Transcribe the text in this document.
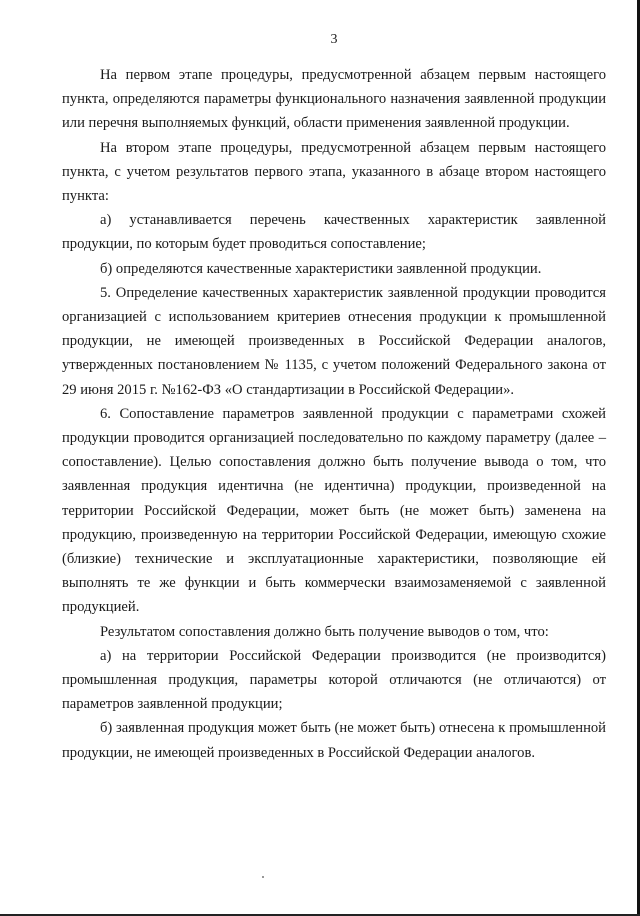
3

На первом этапе процедуры, предусмотренной абзацем первым настоящего пункта, определяются параметры функционального назначения заявленной продукции или перечня выполняемых функций, области применения заявленной продукции.

На втором этапе процедуры, предусмотренной абзацем первым настоящего пункта, с учетом результатов первого этапа, указанного в абзаце втором настоящего пункта:

а) устанавливается перечень качественных характеристик заявленной продукции, по которым будет проводиться сопоставление;

б) определяются качественные характеристики заявленной продукции.

5. Определение качественных характеристик заявленной продукции проводится организацией с использованием критериев отнесения продукции к промышленной продукции, не имеющей произведенных в Российской Федерации аналогов, утвержденных постановлением № 1135, с учетом положений Федерального закона от 29 июня 2015 г. №162-ФЗ «О стандартизации в Российской Федерации».

6. Сопоставление параметров заявленной продукции с параметрами схожей продукции проводится организацией последовательно по каждому параметру (далее – сопоставление). Целью сопоставления должно быть получение вывода о том, что заявленная продукция идентична (не идентична) продукции, произведенной на территории Российской Федерации, может быть (не может быть) заменена на продукцию, произведенную на территории Российской Федерации, имеющую схожие (близкие) технические и эксплуатационные характеристики, позволяющие ей выполнять те же функции и быть коммерчески взаимозаменяемой с заявленной продукцией.

Результатом сопоставления должно быть получение выводов о том, что:

а) на территории Российской Федерации производится (не производится) промышленная продукция, параметры которой отличаются (не отличаются) от параметров заявленной продукции;

б) заявленная продукция может быть (не может быть) отнесена к промышленной продукции, не имеющей произведенных в Российской Федерации аналогов.
